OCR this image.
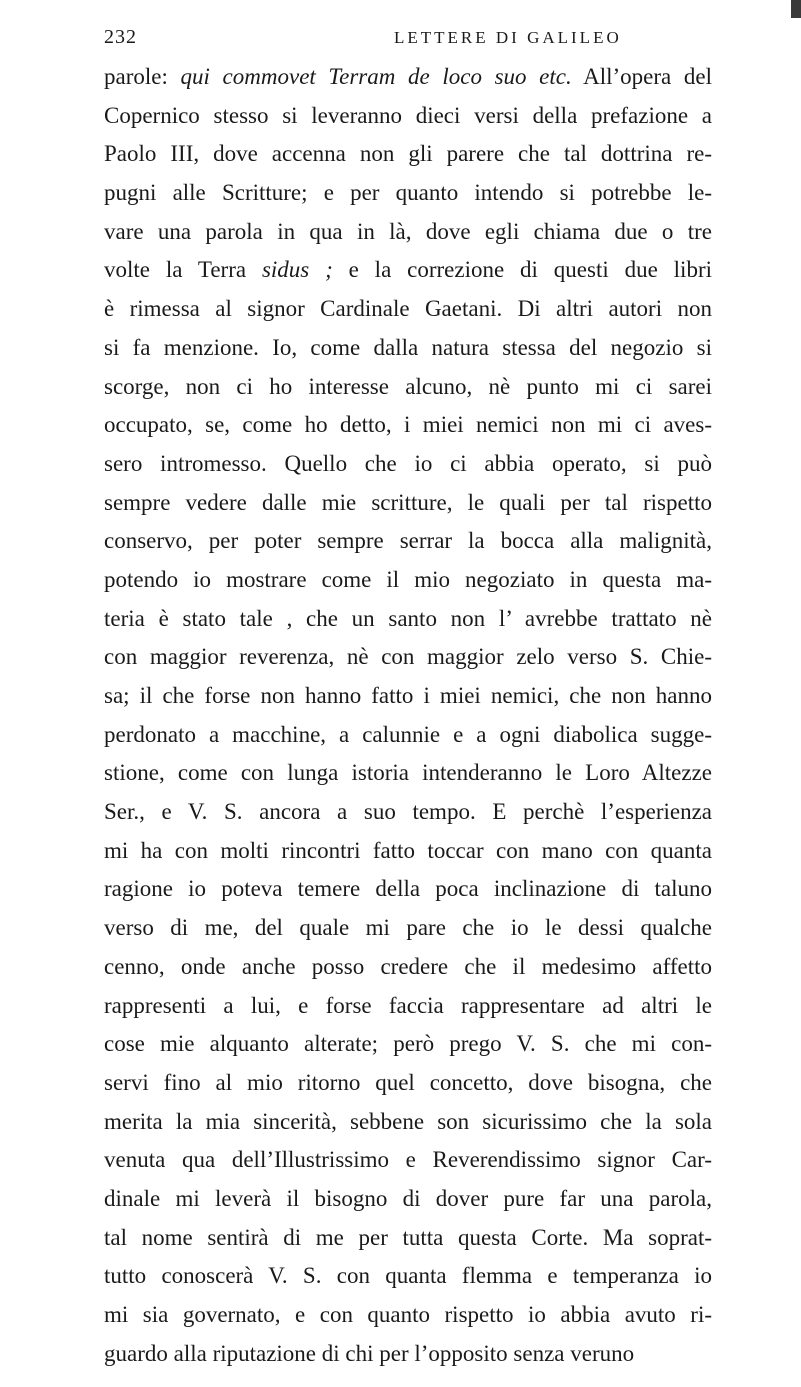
232	LETTERE DI GALILEO
parole: qui commovet Terram de loco suo etc. All’opera del
Copernico stesso si leveranno dieci versi della prefazione a
Paolo III, dove accenna non gli parere che tal dottrina re-
pugni alle Scritture; e per quanto intendo si potrebbe le-
vare una parola in qua in là, dove egli chiama due o tre
volte la Terra sidus ; e la correzione di questi due libri
è rimessa al signor Cardinale Gaetani. Di altri autori non
si fa menzione. Io, come dalla natura stessa del negozio si
scorge, non ci ho interesse alcuno, nè punto mi ci sarei
occupato, se, come ho detto, i miei nemici non mi ci aves-
sero intromesso. Quello che io ci abbia operato, si può
sempre vedere dalle mie scritture, le quali per tal rispetto
conservo, per poter sempre serrar la bocca alla malignità,
potendo io mostrare come il mio negoziato in questa ma-
teria è stato tale , che un santo non l’ avrebbe trattato nè
con maggior reverenza, nè con maggior zelo verso S. Chie-
sa; il che forse non hanno fatto i miei nemici, che non hanno
perdonato a macchine, a calunnie e a ogni diabolica sugge-
stione, come con lunga istoria intenderanno le Loro Altezze
Ser., e V. S. ancora a suo tempo. E perchè l’esperienza
mi ha con molti rincontri fatto toccar con mano con quanta
ragione io poteva temere della poca inclinazione di taluno
verso di me, del quale mi pare che io le dessi qualche
cenno, onde anche posso credere che il medesimo affetto
rappresenti a lui, e forse faccia rappresentare ad altri le
cose mie alquanto alterate; però prego V. S. che mi con-
servi fino al mio ritorno quel concetto, dove bisogna, che
merita la mia sincerità, sebbene son sicurissimo che la sola
venuta qua dell’Illustrissimo e Reverendissimo signor Car-
dinale mi leverà il bisogno di dover pure far una parola,
tal nome sentirà di me per tutta questa Corte. Ma soprat-
tutto conoscerà V. S. con quanta flemma e temperanza io
mi sia governato, e con quanto rispetto io abbia avuto ri-
guardo alla riputazione di chi per l’opposito senza veruno
